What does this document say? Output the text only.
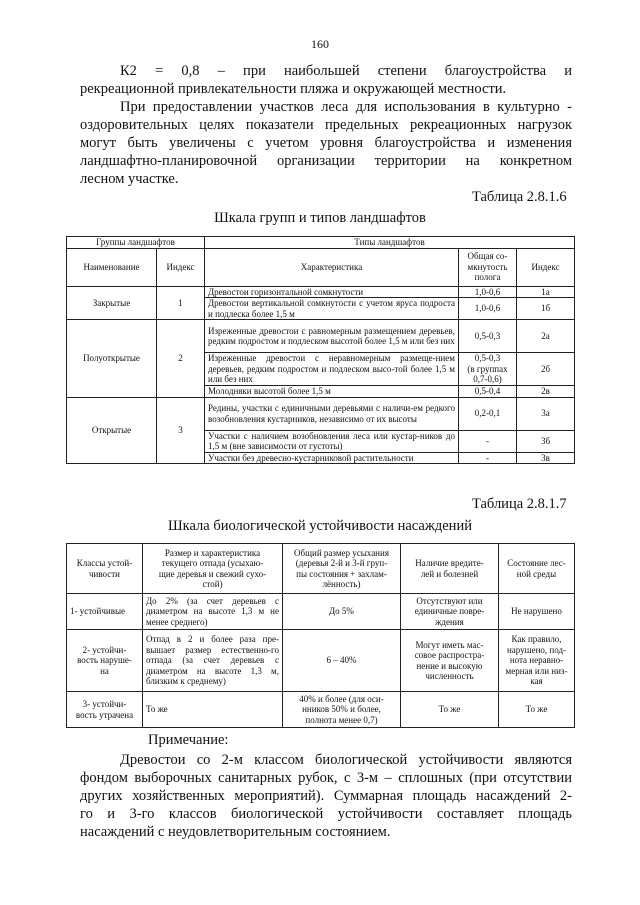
160
К2 = 0,8 – при наибольшей степени благоустройства и
рекреационной привлекательности пляжа и окружающей местности.
При предоставлении участков леса для использования в культурно -
оздоровительных целях показатели предельных рекреационных нагрузок
могут быть увеличены с учетом уровня благоустройства и изменения
ландшафтно-планировочной организации территории на конкретном
лесном участке.
Таблица 2.8.1.6
Шкала групп и типов ландшафтов
Группы ландшафтов		Типы ландшафтов		
Наименование	Индекс	Характеристика	Общая со-
мкнутость
полога	Индекс
Закрытые	1	Древостои горизонтальной сомкнутости	1,0-0,6	1а
		Древостои вертикальной сомкнутости с учетом яруса подроста и подлеска более 1,5 м	1,0-0,6	1б
Полуоткрытые	2	Изреженные древостои с равномерным размещением деревьев, редким подростом и подлеском высотой более 1,5 м или без них	0,5-0,3	2а
		Изреженные древостои с неравномерным размеще-нием деревьев, редким подростом и подлеском высо-той более 1,5 м или без них	0,5-0,3
(в группах
0,7-0,6)	2б
		Молодняки высотой более 1,5 м	0,5-0,4	2в
Открытые	3	Редины, участки с единичными деревьями с наличи-ем редкого возобновления кустарников, независимо от их высоты	0,2-0,1	3а
		Участки с наличием возобновления леса или кустар-ников до 1,5 м (вне зависимости от густоты)	-	3б
		Участки без древесно-кустарниковой растительности	-	3в
Таблица 2.8.1.7
Шкала биологической устойчивости насаждений
Классы устой-
чивости	Размер и характеристика
текущего отпада (усыхаю-
щие деревья и свежий сухо-
стой)	Общий размер усыхания
(деревья 2-й и 3-й груп-
пы состояния + захлам-
лённость)	Наличие вредите-
лей и болезней	Состояние лес-
ной среды
1- устойчивые	До 2% (за счет деревьев с диаметром на высоте 1,3 м не менее среднего)	До 5%	Отсутствуют или
единичные повре-
ждения	Не нарушено
2- устойчи-
вость наруше-
на	Отпад в 2 и более раза пре-вышает размер естественно-го отпада (за счет деревьев с диаметром на высоте 1,3 м, близким к среднему)	6 – 40%	Могут иметь мас-
совое распростра-
нение и высокую
численность	Как правило,
нарушено, под-
нота неравно-
мерная или низ-
кая
3- устойчи-
вость утрачена	То же	40% и более (для оси-
нников 50% и более,
полнота менее 0,7)	То же	То же
Примечание:
Древостои со 2-м классом биологической устойчивости являются
фондом выборочных санитарных рубок, с 3-м – сплошных (при отсутствии
других хозяйственных мероприятий). Суммарная площадь насаждений 2-
го и 3-го классов биологической устойчивости составляет площадь
насаждений с неудовлетворительным состоянием.
